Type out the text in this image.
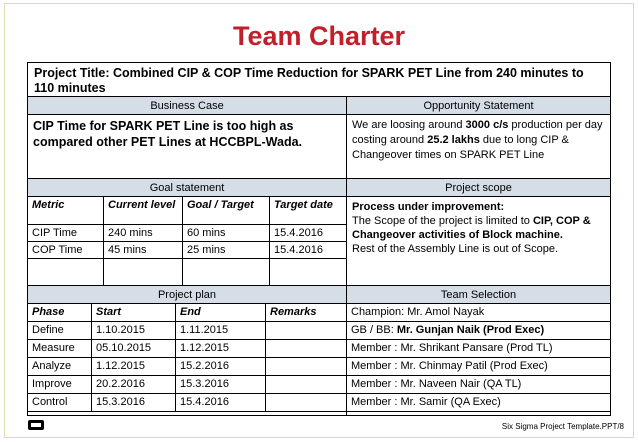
Team Charter
Project Title: Combined CIP & COP Time Reduction for SPARK PET Line from 240 minutes to 110 minutes
Business Case	Opportunity Statement
CIP Time for SPARK PET Line is too high as compared other PET Lines at HCCBPL-Wada.
We are loosing around 3000 c/s production per day costing around 25.2 lakhs due to long CIP & Changeover times on SPARK PET Line
Goal statement	Project scope
Metric	Current level	Goal / Target	Target date
CIP Time	240 mins	60 mins	15.4.2016
COP Time	45 mins	25 mins	15.4.2016
Process under improvement:
The Scope of the project is limited to CIP, COP & Changeover activities of Block machine.
Rest of the Assembly Line is out of Scope.
Project plan	Team Selection
Phase	Start	End	Remarks
Define	1.10.2015	1.11.2015
Measure	05.10.2015	1.12.2015
Analyze	1.12.2015	15.2.2016
Improve	20.2.2016	15.3.2016
Control	15.3.2016	15.4.2016
Champion: Mr. Amol Nayak
GB / BB: Mr. Gunjan Naik (Prod Exec)
Member : Mr. Shrikant Pansare (Prod TL)
Member : Mr. Chinmay Patil (Prod Exec)
Member : Mr. Naveen Nair (QA TL)
Member : Mr. Samir (QA Exec)
Six Sigma Project Template.PPT/8
